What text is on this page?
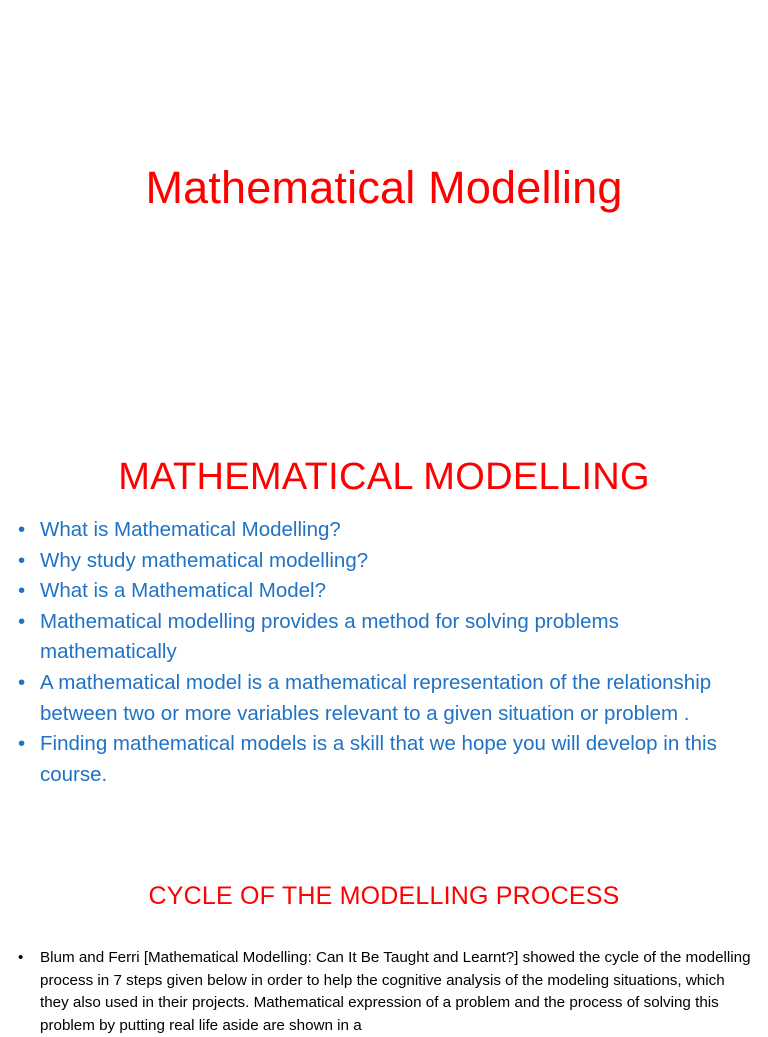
Mathematical Modelling
MATHEMATICAL MODELLING
• What is Mathematical Modelling?
• Why study mathematical modelling?
• What is a Mathematical Model?
• Mathematical modelling provides a method for solving problems mathematically
• A mathematical model is a mathematical representation of the relationship between two or more variables relevant to a given situation or problem .
• Finding mathematical models is a skill that we hope you will develop in this course.
CYCLE OF THE MODELLING PROCESS
• Blum and Ferri [Mathematical Modelling: Can It Be Taught and Learnt?] showed the cycle of the modelling process in 7 steps given below in order to help the cognitive analysis of the modeling situations, which they also used in their projects. Mathematical expression of a problem and the process of solving this problem by putting real life aside are shown in a
